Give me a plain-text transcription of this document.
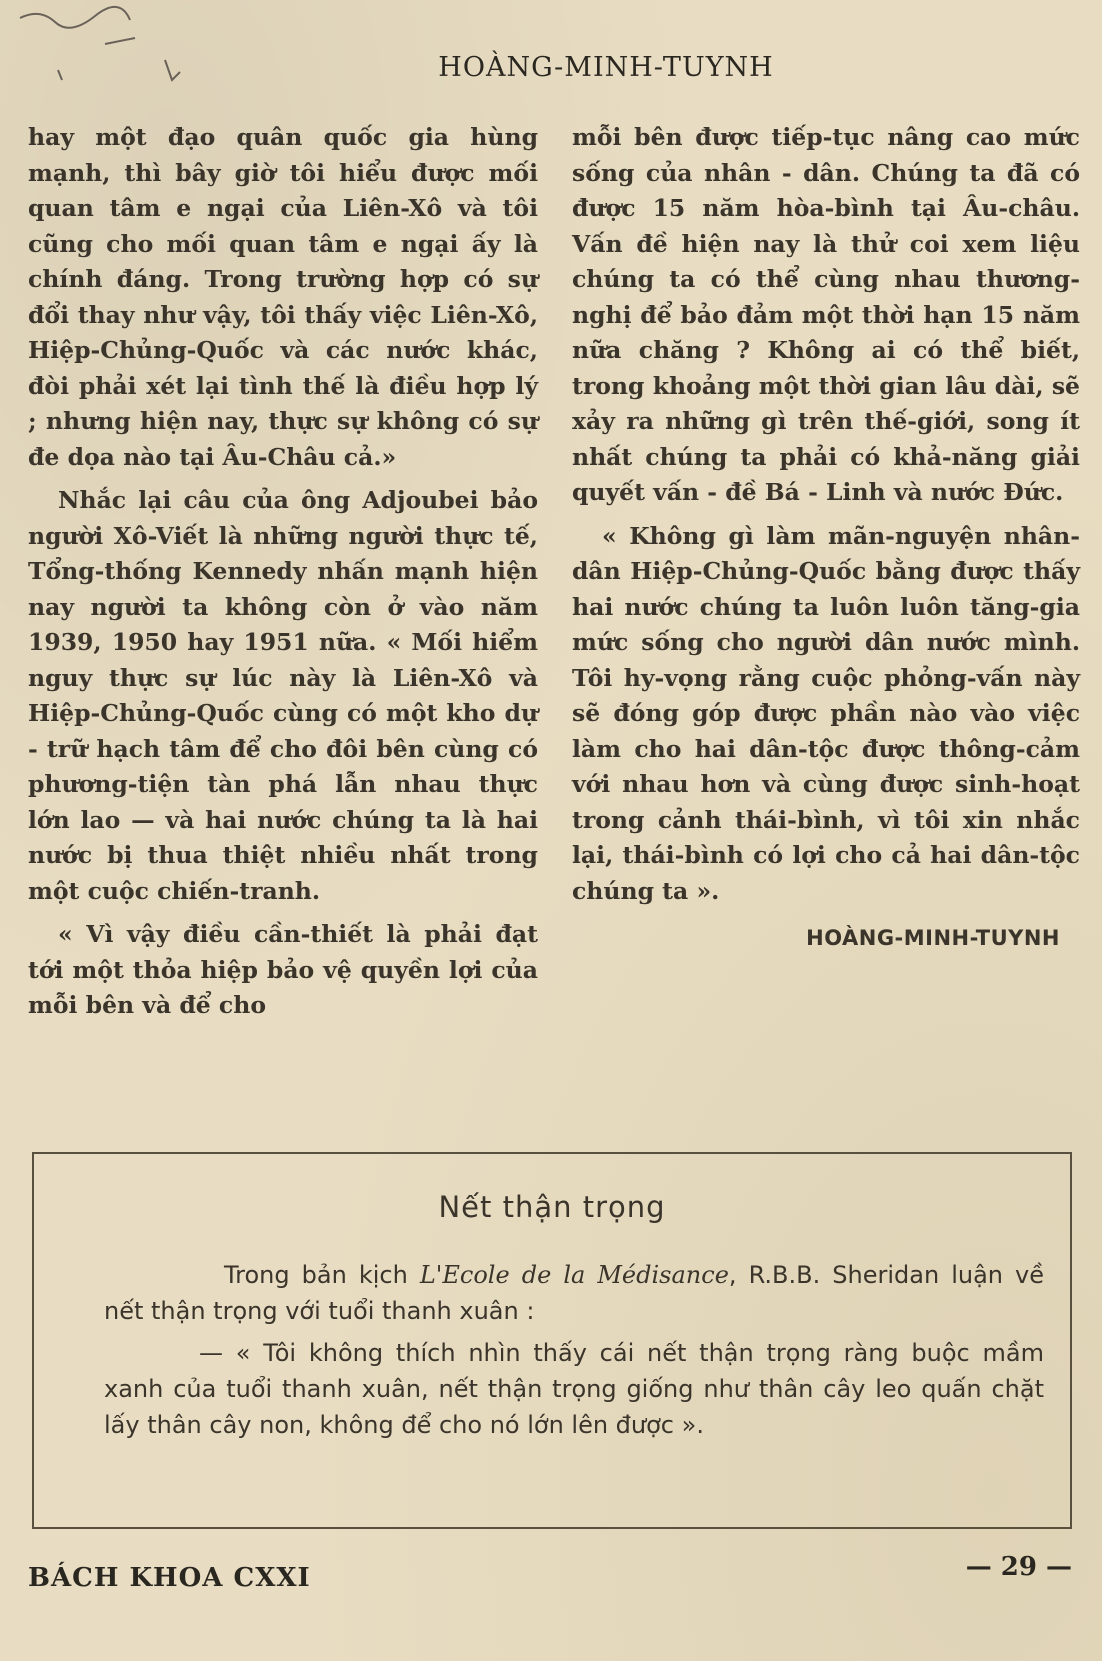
HOÀNG-MINH-TUYNH

hay một đạo quân quốc gia hùng mạnh, thì bây giờ tôi hiểu được mối quan tâm e ngại của Liên-Xô và tôi cũng cho mối quan tâm e ngại ấy là chính đáng. Trong trường hợp có sự đổi thay như vậy, tôi thấy việc Liên-Xô, Hiệp-Chủng-Quốc và các nước khác, đòi phải xét lại tình thế là điều hợp lý ; nhưng hiện nay, thực sự không có sự đe dọa nào tại Âu-Châu cả.»

Nhắc lại câu của ông Adjoubei bảo người Xô-Viết là những người thực tế, Tổng-thống Kennedy nhấn mạnh hiện nay người ta không còn ở vào năm 1939, 1950 hay 1951 nữa. « Mối hiểm nguy thực sự lúc này là Liên-Xô và Hiệp-Chủng-Quốc cùng có một kho dự - trữ hạch tâm để cho đôi bên cùng có phương-tiện tàn phá lẫn nhau thực lớn lao — và hai nước chúng ta là hai nước bị thua thiệt nhiều nhất trong một cuộc chiến-tranh.

« Vì vậy điều cần-thiết là phải đạt tới một thỏa hiệp bảo vệ quyền lợi của mỗi bên và để cho

mỗi bên được tiếp-tục nâng cao mức sống của nhân - dân. Chúng ta đã có được 15 năm hòa-bình tại Âu-châu. Vấn đề hiện nay là thử coi xem liệu chúng ta có thể cùng nhau thương-nghị để bảo đảm một thời hạn 15 năm nữa chăng ? Không ai có thể biết, trong khoảng một thời gian lâu dài, sẽ xảy ra những gì trên thế-giới, song ít nhất chúng ta phải có khả-năng giải quyết vấn - đề Bá - Linh và nước Đức.

« Không gì làm mãn-nguyện nhân-dân Hiệp-Chủng-Quốc bằng được thấy hai nước chúng ta luôn luôn tăng-gia mức sống cho người dân nước mình. Tôi hy-vọng rằng cuộc phỏng-vấn này sẽ đóng góp được phần nào vào việc làm cho hai dân-tộc được thông-cảm với nhau hơn và cùng được sinh-hoạt trong cảnh thái-bình, vì tôi xin nhắc lại, thái-bình có lợi cho cả hai dân-tộc chúng ta ».

HOÀNG-MINH-TUYNH
Nết thận trọng

Trong bản kịch L'Ecole de la Médisance, R.B.B. Sheridan luận về nết thận trọng với tuổi thanh xuân :

— « Tôi không thích nhìn thấy cái nết thận trọng ràng buộc mầm xanh của tuổi thanh xuân, nết thận trọng giống như thân cây leo quấn chặt lấy thân cây non, không để cho nó lớn lên được ».

BÁCH KHOA CXXI	— 29 —
